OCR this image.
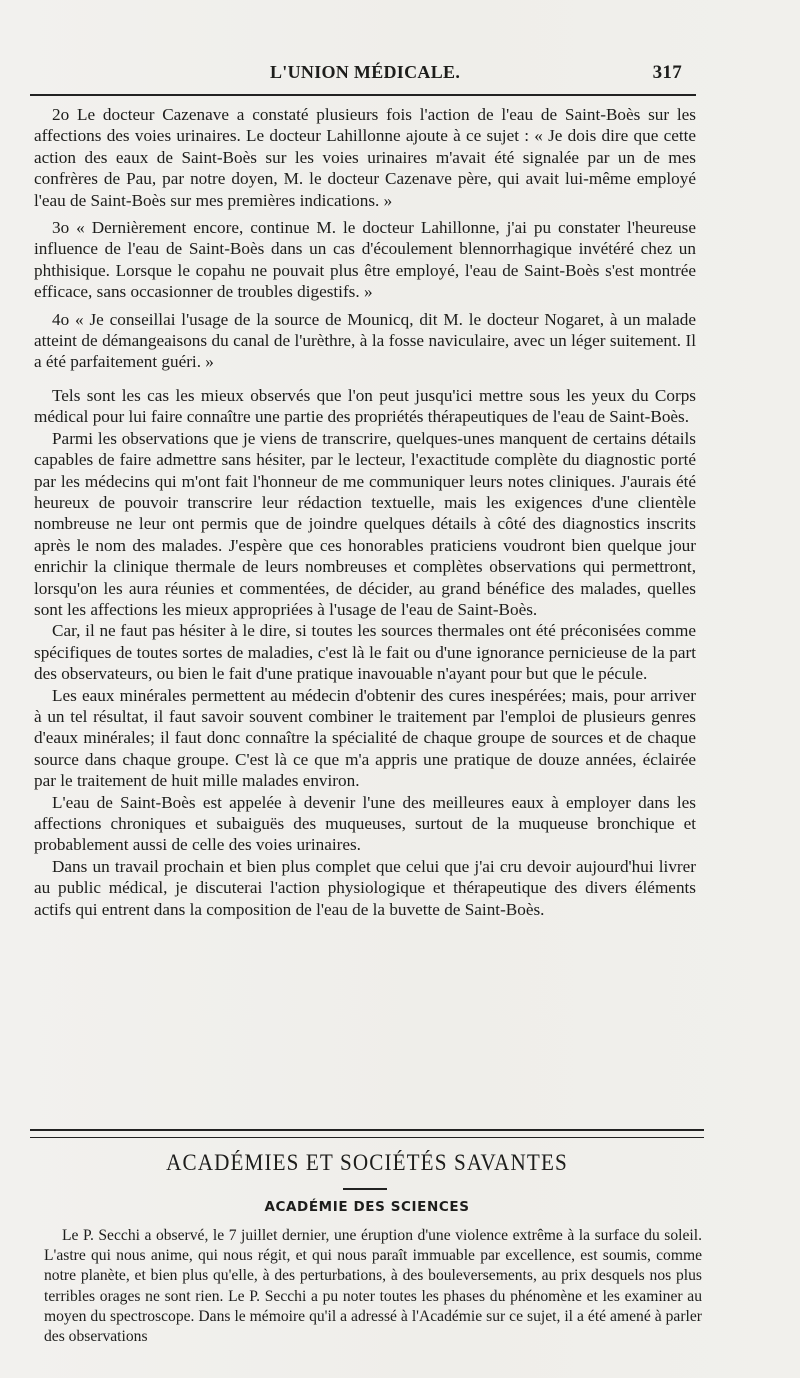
L'UNION MÉDICALE.	317

2o Le docteur Cazenave a constaté plusieurs fois l'action de l'eau de Saint-Boès sur les affections des voies urinaires. Le docteur Lahillonne ajoute à ce sujet : « Je dois dire que cette action des eaux de Saint-Boès sur les voies urinaires m'avait été signalée par un de mes confrères de Pau, par notre doyen, M. le docteur Cazenave père, qui avait lui-même employé l'eau de Saint-Boès sur mes premières indications. »

3o « Dernièrement encore, continue M. le docteur Lahillonne, j'ai pu constater l'heureuse influence de l'eau de Saint-Boès dans un cas d'écoulement blennorrhagique invétéré chez un phthisique. Lorsque le copahu ne pouvait plus être employé, l'eau de Saint-Boès s'est montrée efficace, sans occasionner de troubles digestifs. »

4o « Je conseillai l'usage de la source de Mounicq, dit M. le docteur Nogaret, à un malade atteint de démangeaisons du canal de l'urèthre, à la fosse naviculaire, avec un léger suitement. Il a été parfaitement guéri. »

Tels sont les cas les mieux observés que l'on peut jusqu'ici mettre sous les yeux du Corps médical pour lui faire connaître une partie des propriétés thérapeutiques de l'eau de Saint-Boès.

Parmi les observations que je viens de transcrire, quelques-unes manquent de certains détails capables de faire admettre sans hésiter, par le lecteur, l'exactitude complète du diagnostic porté par les médecins qui m'ont fait l'honneur de me communiquer leurs notes cliniques. J'aurais été heureux de pouvoir transcrire leur rédaction textuelle, mais les exigences d'une clientèle nombreuse ne leur ont permis que de joindre quelques détails à côté des diagnostics inscrits après le nom des malades. J'espère que ces honorables praticiens voudront bien quelque jour enrichir la clinique thermale de leurs nombreuses et complètes observations qui permettront, lorsqu'on les aura réunies et commentées, de décider, au grand bénéfice des malades, quelles sont les affections les mieux appropriées à l'usage de l'eau de Saint-Boès.

Car, il ne faut pas hésiter à le dire, si toutes les sources thermales ont été préconisées comme spécifiques de toutes sortes de maladies, c'est là le fait ou d'une ignorance pernicieuse de la part des observateurs, ou bien le fait d'une pratique inavouable n'ayant pour but que le pécule.

Les eaux minérales permettent au médecin d'obtenir des cures inespérées; mais, pour arriver à un tel résultat, il faut savoir souvent combiner le traitement par l'emploi de plusieurs genres d'eaux minérales; il faut donc connaître la spécialité de chaque groupe de sources et de chaque source dans chaque groupe. C'est là ce que m'a appris une pratique de douze années, éclairée par le traitement de huit mille malades environ.

L'eau de Saint-Boès est appelée à devenir l'une des meilleures eaux à employer dans les affections chroniques et subaiguës des muqueuses, surtout de la muqueuse bronchique et probablement aussi de celle des voies urinaires.

Dans un travail prochain et bien plus complet que celui que j'ai cru devoir aujourd'hui livrer au public médical, je discuterai l'action physiologique et thérapeutique des divers éléments actifs qui entrent dans la composition de l'eau de la buvette de Saint-Boès.

ACADÉMIES ET SOCIÉTÉS SAVANTES
ACADÉMIE DES SCIENCES

Le P. Secchi a observé, le 7 juillet dernier, une éruption d'une violence extrême à la surface du soleil. L'astre qui nous anime, qui nous régit, et qui nous paraît immuable par excellence, est soumis, comme notre planète, et bien plus qu'elle, à des perturbations, à des bouleversements, au prix desquels nos plus terribles orages ne sont rien. Le P. Secchi a pu noter toutes les phases du phénomène et les examiner au moyen du spectroscope. Dans le mémoire qu'il a adressé à l'Académie sur ce sujet, il a été amené à parler des observations
